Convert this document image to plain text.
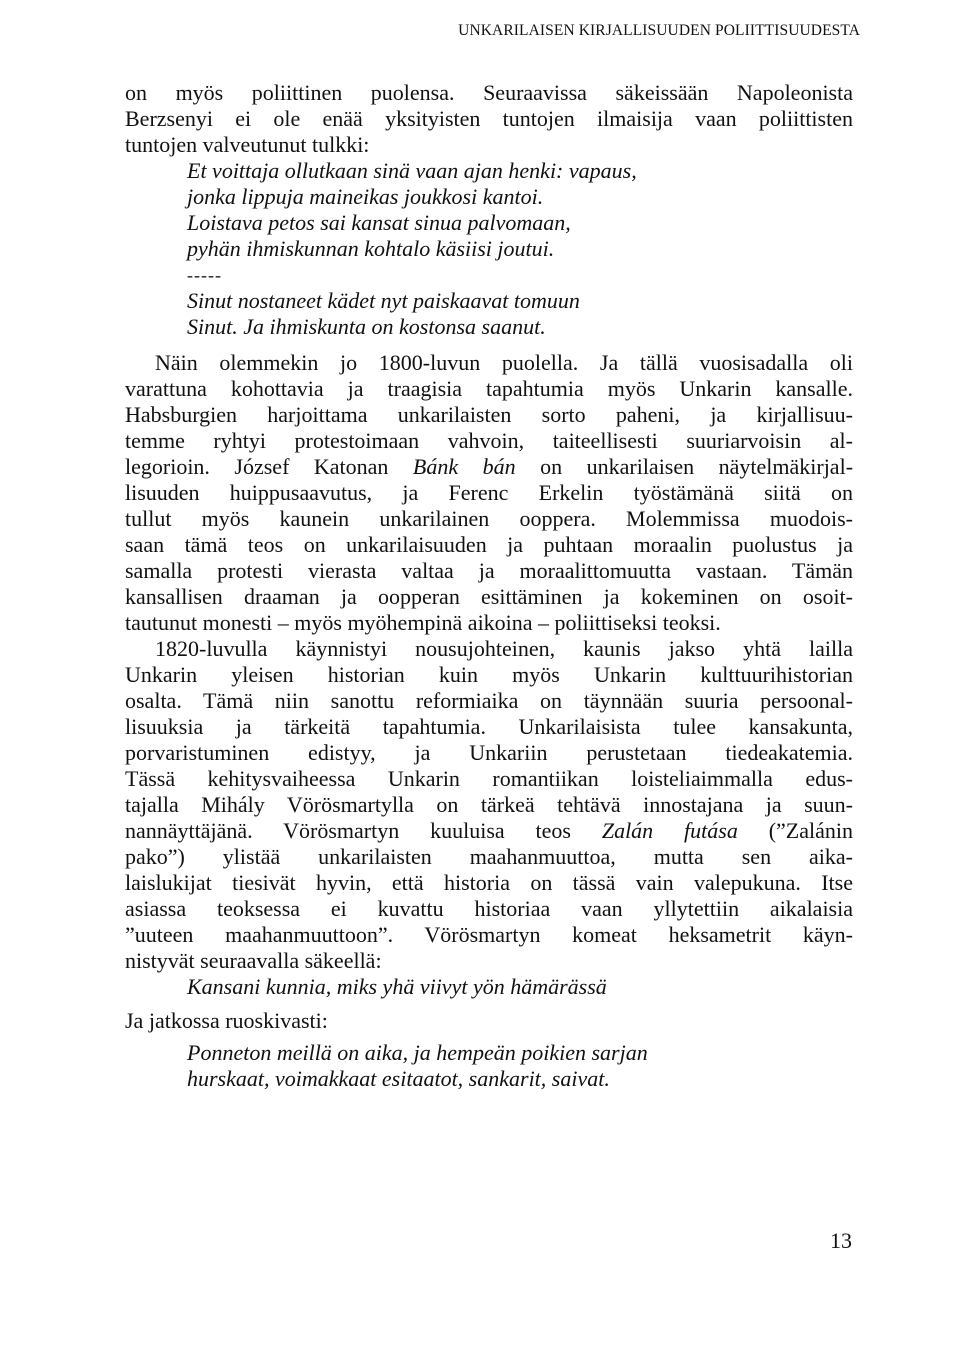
UNKARILAISEN KIRJALLISUUDEN POLIITTISUUDESTA
on myös poliittinen puolensa. Seuraavissa säkeissään Napoleonista
Berzsenyi ei ole enää yksityisten tuntojen ilmaisija vaan poliittisten
tuntojen valveutunut tulkki:
Et voittaja ollutkaan sinä vaan ajan henki: vapaus,
jonka lippuja maineikas joukkosi kantoi.
Loistava petos sai kansat sinua palvomaan,
pyhän ihmiskunnan kohtalo käsiisi joutui.
-----
Sinut nostaneet kädet nyt paiskaavat tomuun
Sinut. Ja ihmiskunta on kostonsa saanut.
Näin olemmekin jo 1800-luvun puolella. Ja tällä vuosisadalla oli
varattuna kohottavia ja traagisia tapahtumia myös Unkarin kansalle.
Habsburgien harjoittama unkarilaisten sorto paheni, ja kirjallisuu-
temme ryhtyi protestoimaan vahvoin, taiteellisesti suuriarvoisin al-
legorioin. József Katonan Bánk bán on unkarilaisen näytelmäkirjal-
lisuuden huippusaavutus, ja Ferenc Erkelin työstämänä siitä on
tullut myös kaunein unkarilainen ooppera. Molemmissa muodois-
saan tämä teos on unkarilaisuuden ja puhtaan moraalin puolustus ja
samalla protesti vierasta valtaa ja moraalittomuutta vastaan. Tämän
kansallisen draaman ja oopperan esittäminen ja kokeminen on osoit-
tautunut monesti – myös myöhempinä aikoina – poliittiseksi teoksi.
1820-luvulla käynnistyi nousujohteinen, kaunis jakso yhtä lailla
Unkarin yleisen historian kuin myös Unkarin kulttuurihistorian
osalta. Tämä niin sanottu reformiaika on täynnään suuria persoonal-
lisuuksia ja tärkeitä tapahtumia. Unkarilaisista tulee kansakunta,
porvaristuminen edistyy, ja Unkariin perustetaan tiedeakatemia.
Tässä kehitysvaiheessa Unkarin romantiikan loisteliaimmalla edus-
tajalla Mihály Vörösmartylla on tärkeä tehtävä innostajana ja suun-
nannäyttäjänä. Vörösmartyn kuuluisa teos Zalán futása (”Zalánin
pako”) ylistää unkarilaisten maahanmuuttoa, mutta sen aika-
laislukijat tiesivät hyvin, että historia on tässä vain valepukuna. Itse
asiassa teoksessa ei kuvattu historiaa vaan yllytettiin aikalaisia
”uuteen maahanmuuttoon”. Vörösmartyn komeat heksametrit käyn-
nistyvät seuraavalla säkeellä:
Kansani kunnia, miks yhä viivyt yön hämärässä
Ja jatkossa ruoskivasti:
Ponneton meillä on aika, ja hempeän poikien sarjan
hurskaat, voimakkaat esitaatot, sankarit, saivat.
13
